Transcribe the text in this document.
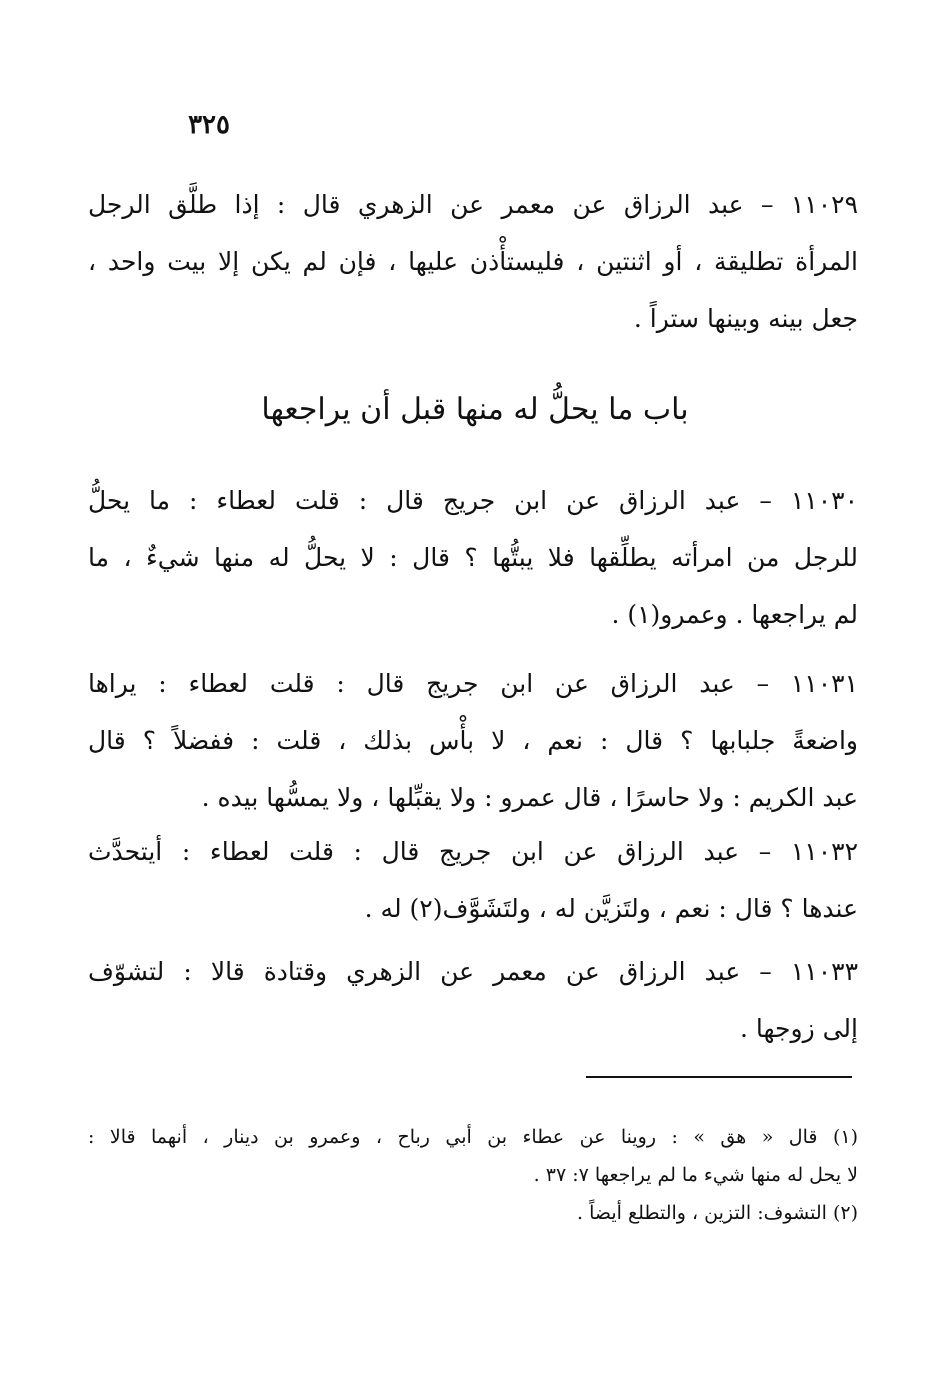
٣٢٥
١١٠٢٩ – عبد الرزاق عن معمر عن الزهري قال : إذا طلَّق الرجل
المرأة تطليقة ، أو اثنتين ، فليستأْذن عليها ، فإن لم يكن إلا بيت واحد ،
جعل بينه وبينها ستراً .
باب ما يحلُّ له منها قبل أن يراجعها
١١٠٣٠ – عبد الرزاق عن ابن جريج قال : قلت لعطاء : ما يحلُّ
للرجل من امرأته يطلِّقها فلا يبتُّها ؟ قال : لا يحلُّ له منها شيءٌ ، ما
لم يراجعها . وعمرو(١) .
١١٠٣١ – عبد الرزاق عن ابن جريج قال : قلت لعطاء : يراها
واضعةً جلبابها ؟ قال : نعم ، لا بأْس بذلك ، قلت : ففضلاً ؟ قال
عبد الكريم : ولا حاسرًا ، قال عمرو : ولا يقبِّلها ، ولا يمسُّها بيده .
١١٠٣٢ – عبد الرزاق عن ابن جريج قال : قلت لعطاء : أيتحدَّث
عندها ؟ قال : نعم ، ولتَزيَّن له ، ولتَشَوَّف(٢) له .
١١٠٣٣ – عبد الرزاق عن معمر عن الزهري وقتادة قالا : لتشوّف
إلى زوجها .
(١) قال « هق » : روينا عن عطاء بن أبي رباح ، وعمرو بن دينار ، أنهما قالا :
لا يحل له منها شيء ما لم يراجعها ٧: ٣٧ .
(٢) التشوف: التزين ، والتطلع أيضاً .
